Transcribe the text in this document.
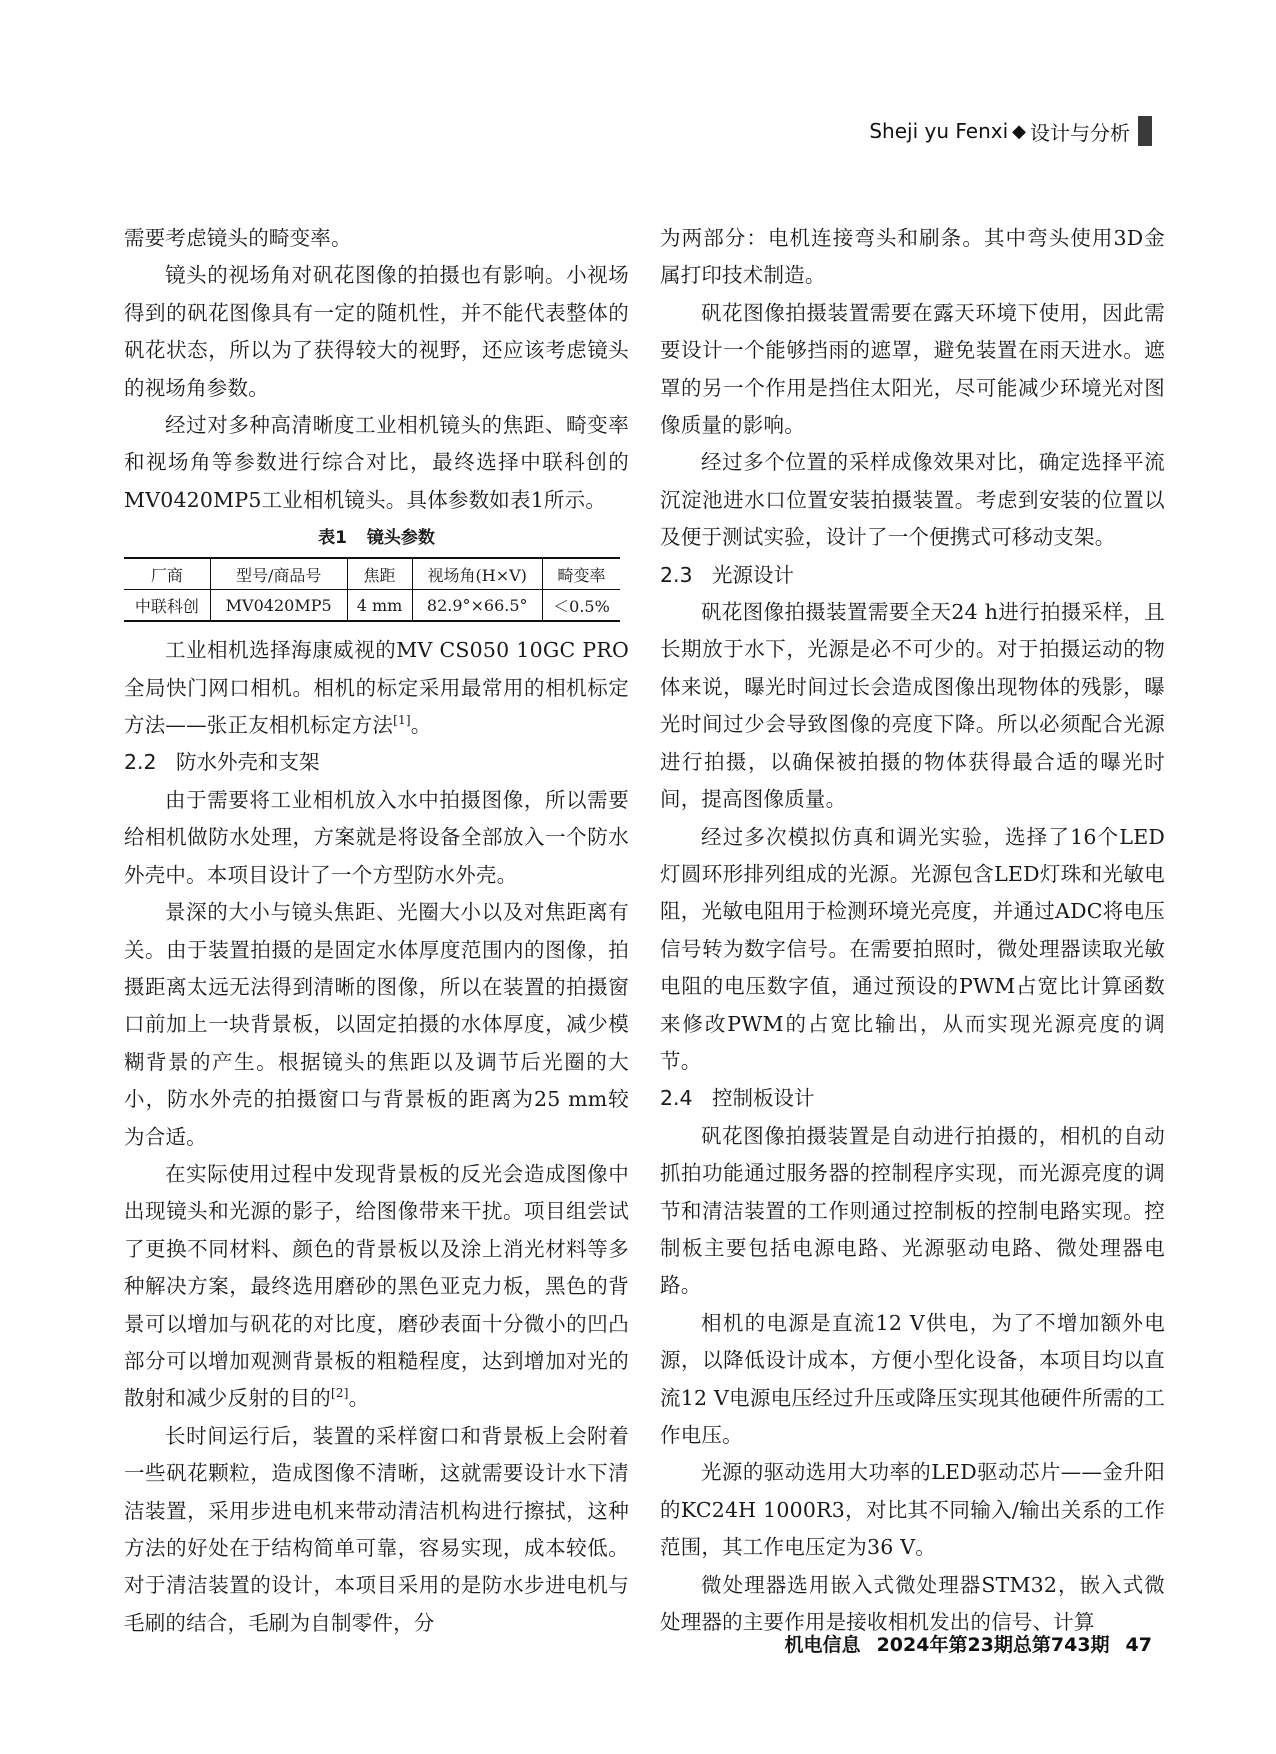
Sheji yu Fenxi ◆ 设计与分析

需要考虑镜头的畸变率。

镜头的视场角对矾花图像的拍摄也有影响。小视场得到的矾花图像具有一定的随机性，并不能代表整体的矾花状态，所以为了获得较大的视野，还应该考虑镜头的视场角参数。

经过对多种高清晰度工业相机镜头的焦距、畸变率和视场角等参数进行综合对比，最终选择中联科创的MV0420MP5工业相机镜头。具体参数如表1所示。

表1 镜头参数
厂商	型号/商品号	焦距	视场角(H×V)	畸变率
中联科创	MV0420MP5	4 mm	82.9°×66.5°	＜0.5%

工业相机选择海康威视的MV CS050 10GC PRO全局快门网口相机。相机的标定采用最常用的相机标定方法——张正友相机标定方法[1]。

2.2 防水外壳和支架

由于需要将工业相机放入水中拍摄图像，所以需要给相机做防水处理，方案就是将设备全部放入一个防水外壳中。本项目设计了一个方型防水外壳。

景深的大小与镜头焦距、光圈大小以及对焦距离有关。由于装置拍摄的是固定水体厚度范围内的图像，拍摄距离太远无法得到清晰的图像，所以在装置的拍摄窗口前加上一块背景板，以固定拍摄的水体厚度，减少模糊背景的产生。根据镜头的焦距以及调节后光圈的大小，防水外壳的拍摄窗口与背景板的距离为25 mm较为合适。

在实际使用过程中发现背景板的反光会造成图像中出现镜头和光源的影子，给图像带来干扰。项目组尝试了更换不同材料、颜色的背景板以及涂上消光材料等多种解决方案，最终选用磨砂的黑色亚克力板，黑色的背景可以增加与矾花的对比度，磨砂表面十分微小的凹凸部分可以增加观测背景板的粗糙程度，达到增加对光的散射和减少反射的目的[2]。

长时间运行后，装置的采样窗口和背景板上会附着一些矾花颗粒，造成图像不清晰，这就需要设计水下清洁装置，采用步进电机来带动清洁机构进行擦拭，这种方法的好处在于结构简单可靠，容易实现，成本较低。对于清洁装置的设计，本项目采用的是防水步进电机与毛刷的结合，毛刷为自制零件，分

为两部分：电机连接弯头和刷条。其中弯头使用3D金属打印技术制造。

矾花图像拍摄装置需要在露天环境下使用，因此需要设计一个能够挡雨的遮罩，避免装置在雨天进水。遮罩的另一个作用是挡住太阳光，尽可能减少环境光对图像质量的影响。

经过多个位置的采样成像效果对比，确定选择平流沉淀池进水口位置安装拍摄装置。考虑到安装的位置以及便于测试实验，设计了一个便携式可移动支架。

2.3 光源设计

矾花图像拍摄装置需要全天24 h进行拍摄采样，且长期放于水下，光源是必不可少的。对于拍摄运动的物体来说，曝光时间过长会造成图像出现物体的残影，曝光时间过少会导致图像的亮度下降。所以必须配合光源进行拍摄，以确保被拍摄的物体获得最合适的曝光时间，提高图像质量。

经过多次模拟仿真和调光实验，选择了16个LED灯圆环形排列组成的光源。光源包含LED灯珠和光敏电阻，光敏电阻用于检测环境光亮度，并通过ADC将电压信号转为数字信号。在需要拍照时，微处理器读取光敏电阻的电压数字值，通过预设的PWM占宽比计算函数来修改PWM的占宽比输出，从而实现光源亮度的调节。

2.4 控制板设计

矾花图像拍摄装置是自动进行拍摄的，相机的自动抓拍功能通过服务器的控制程序实现，而光源亮度的调节和清洁装置的工作则通过控制板的控制电路实现。控制板主要包括电源电路、光源驱动电路、微处理器电路。

相机的电源是直流12 V供电，为了不增加额外电源，以降低设计成本，方便小型化设备，本项目均以直流12 V电源电压经过升压或降压实现其他硬件所需的工作电压。

光源的驱动选用大功率的LED驱动芯片——金升阳的KC24H 1000R3，对比其不同输入/输出关系的工作范围，其工作电压定为36 V。

微处理器选用嵌入式微处理器STM32，嵌入式微处理器的主要作用是接收相机发出的信号、计算

机电信息 2024年第23期总第743期 47
